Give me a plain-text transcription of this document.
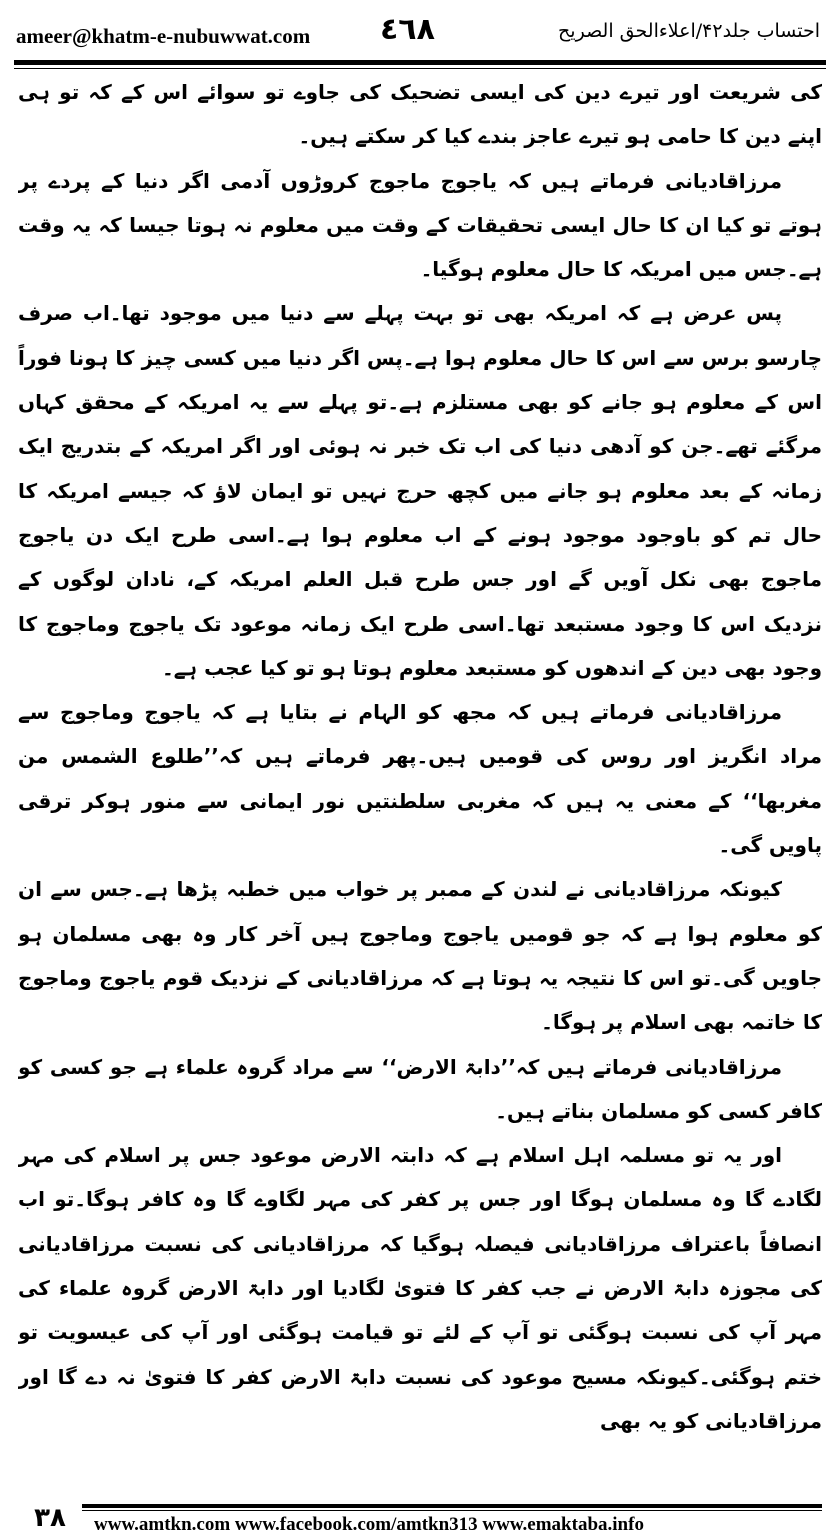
ameer@khatm-e-nubuwwat.com ٤٦٨	احتساب جلد۴۲/اعلاءالحق الصریح

کی شریعت اور تیرے دین کی ایسی تضحیک کی جاوے تو سوائے اس کے کہ تو ہی اپنے دین کا حامی ہو تیرے عاجز بندے کیا کر سکتے ہیں۔

مرزاقادیانی فرماتے ہیں کہ یاجوج ماجوج کروڑوں آدمی اگر دنیا کے پردے پر ہوتے تو کیا ان کا حال ایسی تحقیقات کے وقت میں معلوم نہ ہوتا جیسا کہ یہ وقت ہے۔جس میں امریکہ کا حال معلوم ہوگیا۔

پس عرض ہے کہ امریکہ بھی تو بہت پہلے سے دنیا میں موجود تھا۔اب صرف چارسو برس سے اس کا حال معلوم ہوا ہے۔پس اگر دنیا میں کسی چیز کا ہونا فوراً اس کے معلوم ہو جانے کو بھی مستلزم ہے۔تو پہلے سے یہ امریکہ کے محقق کہاں مرگئے تھے۔جن کو آدھی دنیا کی اب تک خبر نہ ہوئی اور اگر امریکہ کے بتدریج ایک زمانہ کے بعد معلوم ہو جانے میں کچھ حرج نہیں تو ایمان لاؤ کہ جیسے امریکہ کا حال تم کو باوجود موجود ہونے کے اب معلوم ہوا ہے۔اسی طرح ایک دن یاجوج ماجوج بھی نکل آویں گے اور جس طرح قبل العلم امریکہ کے، نادان لوگوں کے نزدیک اس کا وجود مستبعد تھا۔اسی طرح ایک زمانہ موعود تک یاجوج وماجوج کا وجود بھی دین کے اندھوں کو مستبعد معلوم ہوتا ہو تو کیا عجب ہے۔

مرزاقادیانی فرماتے ہیں کہ مجھ کو الہام نے بتایا ہے کہ یاجوج وماجوج سے مراد انگریز اور روس کی قومیں ہیں۔پھر فرماتے ہیں کہ’’طلوع الشمس من مغربھا‘‘ کے معنی یہ ہیں کہ مغربی سلطنتیں نور ایمانی سے منور ہوکر ترقی پاویں گی۔

کیونکہ مرزاقادیانی نے لندن کے ممبر پر خواب میں خطبہ پڑھا ہے۔جس سے ان کو معلوم ہوا ہے کہ جو قومیں یاجوج وماجوج ہیں آخر کار وہ بھی مسلمان ہو جاویں گی۔تو اس کا نتیجہ یہ ہوتا ہے کہ مرزاقادیانی کے نزدیک قوم یاجوج وماجوج کا خاتمہ بھی اسلام پر ہوگا۔

مرزاقادیانی فرماتے ہیں کہ’’دابۃ الارض‘‘ سے مراد گروہ علماء ہے جو کسی کو کافر کسی کو مسلمان بناتے ہیں۔

اور یہ تو مسلمہ اہل اسلام ہے کہ دابتہ الارض موعود جس پر اسلام کی مہر لگادے گا وہ مسلمان ہوگا اور جس پر کفر کی مہر لگاوے گا وہ کافر ہوگا۔تو اب انصافاً باعتراف مرزاقادیانی فیصلہ ہوگیا کہ مرزاقادیانی کی نسبت مرزاقادیانی کی مجوزہ دابۃ الارض نے جب کفر کا فتویٰ لگادیا اور دابۃ الارض گروہ علماء کی مہر آپ کی نسبت ہوگئی تو آپ کے لئے تو قیامت ہوگئی اور آپ کی عیسویت تو ختم ہوگئی۔کیونکہ مسیح موعود کی نسبت دابۃ الارض کفر کا فتویٰ نہ دے گا اور مرزاقادیانی کو یہ بھی

٣٨	www.amtkn.com www.facebook.com/amtkn313 www.emaktaba.info
